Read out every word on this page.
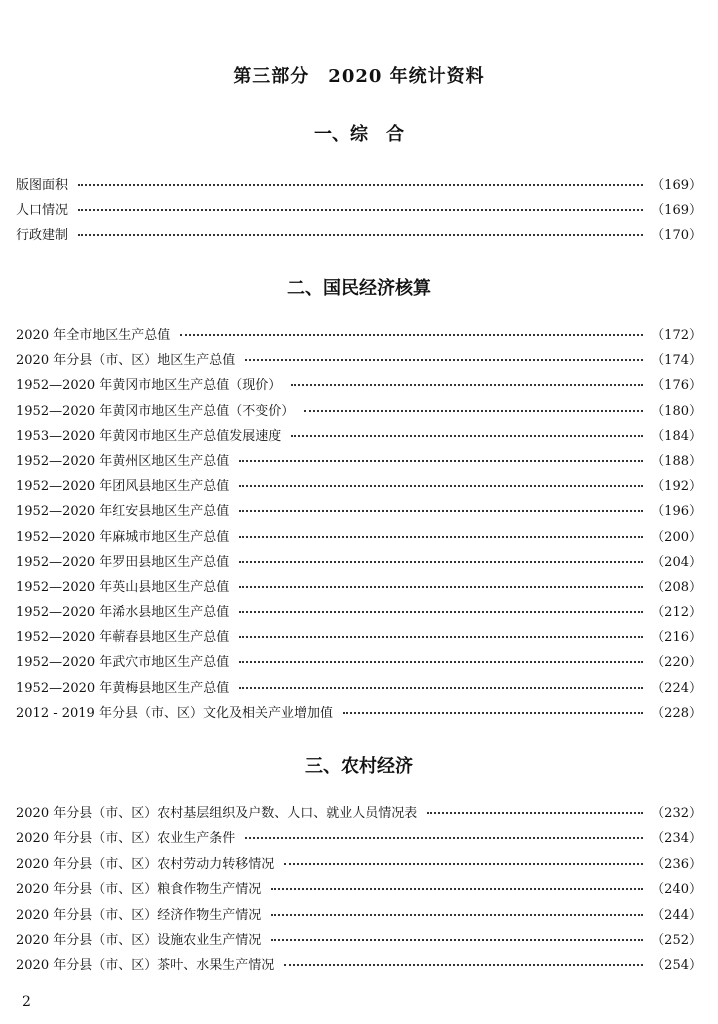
第三部分　2020 年统计资料
一、综　合
版图面积	（169）
人口情况	（169）
行政建制	（170）
二、国民经济核算
2020 年全市地区生产总值	（172）
2020 年分县（市、区）地区生产总值	（174）
1952—2020 年黄冈市地区生产总值（现价）	（176）
1952—2020 年黄冈市地区生产总值（不变价）	（180）
1953—2020 年黄冈市地区生产总值发展速度	（184）
1952—2020 年黄州区地区生产总值	（188）
1952—2020 年团风县地区生产总值	（192）
1952—2020 年红安县地区生产总值	（196）
1952—2020 年麻城市地区生产总值	（200）
1952—2020 年罗田县地区生产总值	（204）
1952—2020 年英山县地区生产总值	（208）
1952—2020 年浠水县地区生产总值	（212）
1952—2020 年蕲春县地区生产总值	（216）
1952—2020 年武穴市地区生产总值	（220）
1952—2020 年黄梅县地区生产总值	（224）
2012 - 2019 年分县（市、区）文化及相关产业增加值	（228）
三、农村经济
2020 年分县（市、区）农村基层组织及户数、人口、就业人员情况表	（232）
2020 年分县（市、区）农业生产条件	（234）
2020 年分县（市、区）农村劳动力转移情况	（236）
2020 年分县（市、区）粮食作物生产情况	（240）
2020 年分县（市、区）经济作物生产情况	（244）
2020 年分县（市、区）设施农业生产情况	（252）
2020 年分县（市、区）茶叶、水果生产情况	（254）
2
